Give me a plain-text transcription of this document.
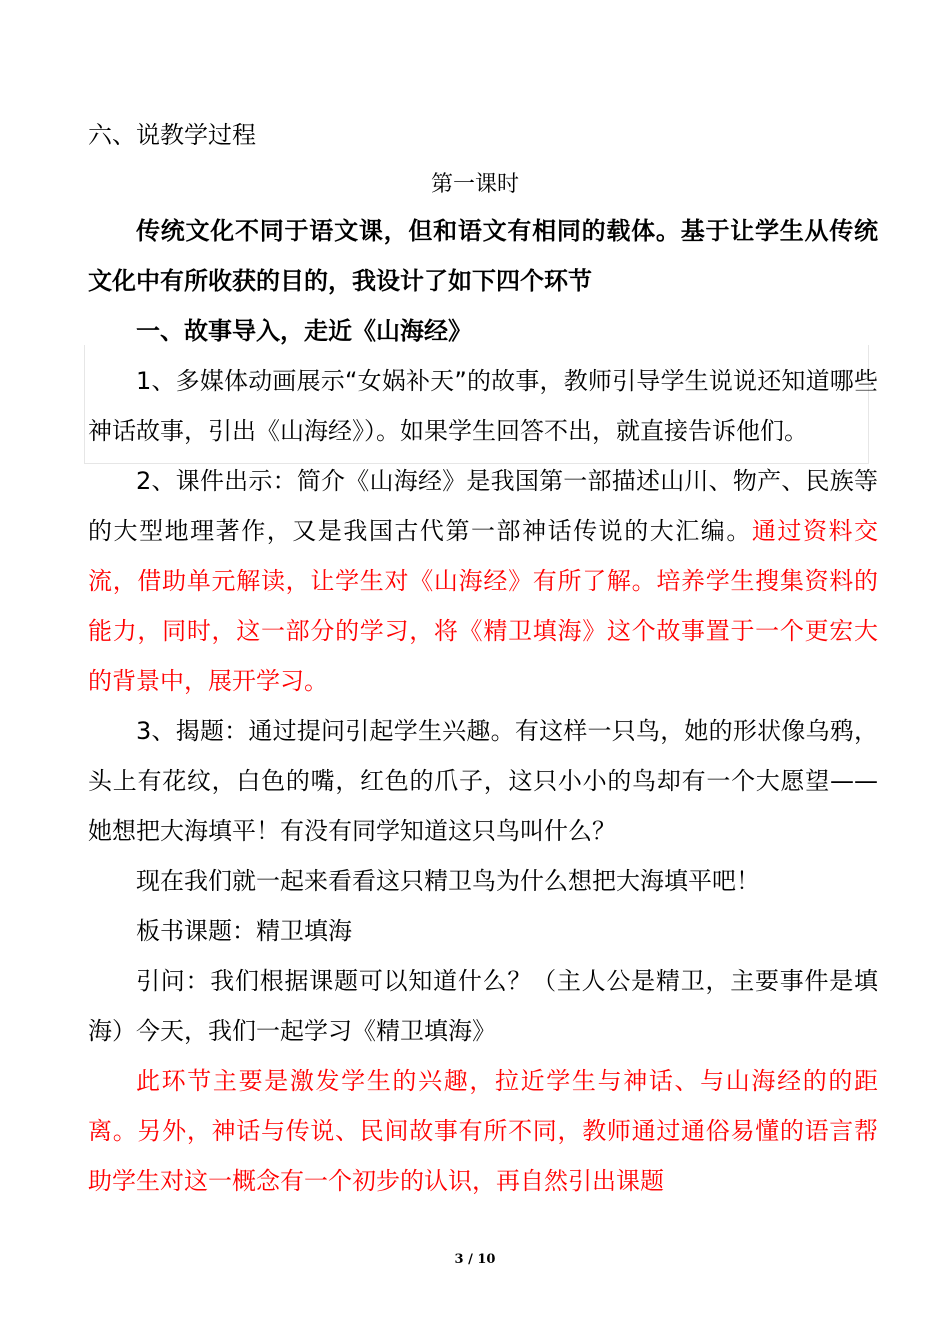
六、说教学过程
第一课时
传统文化不同于语文课，但和语文有相同的载体。基于让学生从传统文化中有所收获的目的，我设计了如下四个环节
一、故事导入，走近《山海经》
1、多媒体动画展示“女娲补天”的故事，教师引导学生说说还知道哪些神话故事，引出《山海经》）。如果学生回答不出，就直接告诉他们。
2、课件出示：简介《山海经》是我国第一部描述山川、物产、民族等的大型地理著作，又是我国古代第一部神话传说的大汇编。通过资料交流，借助单元解读，让学生对《山海经》有所了解。培养学生搜集资料的能力，同时，这一部分的学习，将《精卫填海》这个故事置于一个更宏大的背景中，展开学习。
3、揭题：通过提问引起学生兴趣。有这样一只鸟，她的形状像乌鸦，头上有花纹，白色的嘴，红色的爪子，这只小小的鸟却有一个大愿望——她想把大海填平！有没有同学知道这只鸟叫什么？
现在我们就一起来看看这只精卫鸟为什么想把大海填平吧！
板书课题：精卫填海
引问：我们根据课题可以知道什么？（主人公是精卫，主要事件是填海）今天，我们一起学习《精卫填海》
此环节主要是激发学生的兴趣，拉近学生与神话、与山海经的的距离。另外，神话与传说、民间故事有所不同，教师通过通俗易懂的语言帮助学生对这一概念有一个初步的认识，再自然引出课题
3 / 10
